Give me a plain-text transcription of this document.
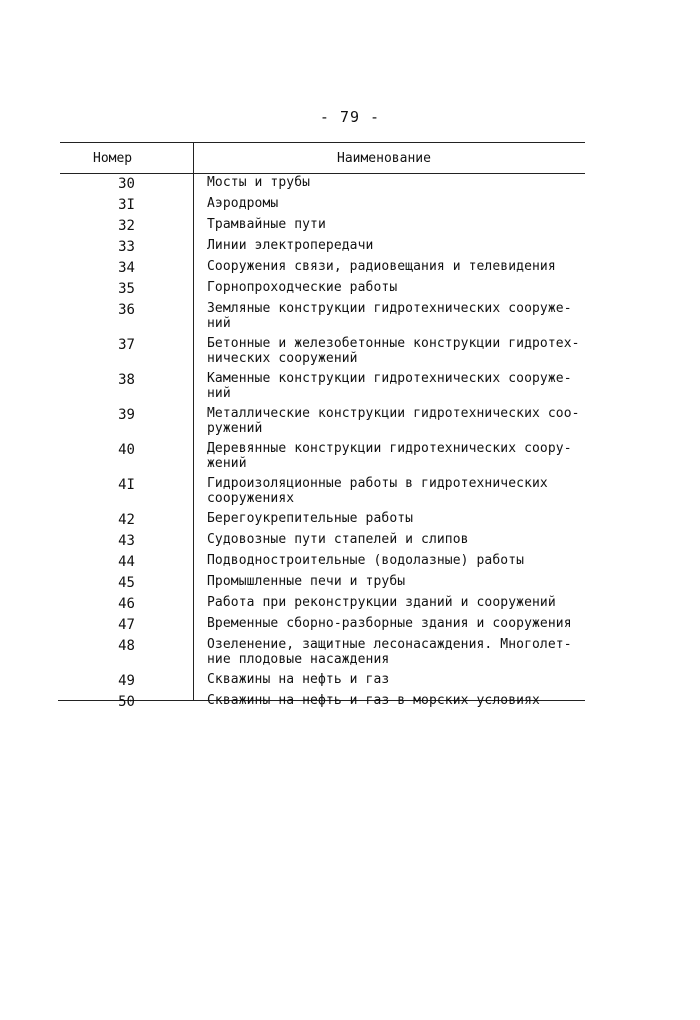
- 79 -
Номер	Наименование
30	Мосты и трубы
3I	Аэродромы
32	Трамвайные пути
33	Линии электропередачи
34	Сооружения связи, радиовещания и телевидения
35	Горнопроходческие работы
36	Земляные конструкции гидротехнических сооруже-
ний
37	Бетонные и железобетонные конструкции гидротех-
нических сооружений
38	Каменные конструкции гидротехнических сооруже-
ний
39	Металлические конструкции гидротехнических соо-
ружений
40	Деревянные конструкции гидротехнических соору-
жений
4I	Гидроизоляционные работы в гидротехнических
сооружениях
42	Берегоукрепительные работы
43	Судовозные пути стапелей и слипов
44	Подводностроительные (водолазные) работы
45	Промышленные печи и трубы
46	Работа при реконструкции зданий и сооружений
47	Временные сборно-разборные здания и сооружения
48	Озеленение, защитные лесонасаждения. Многолет-
ние плодовые насаждения
49	Скважины на нефть и газ
50	Скважины на нефть и газ в морских условиях
